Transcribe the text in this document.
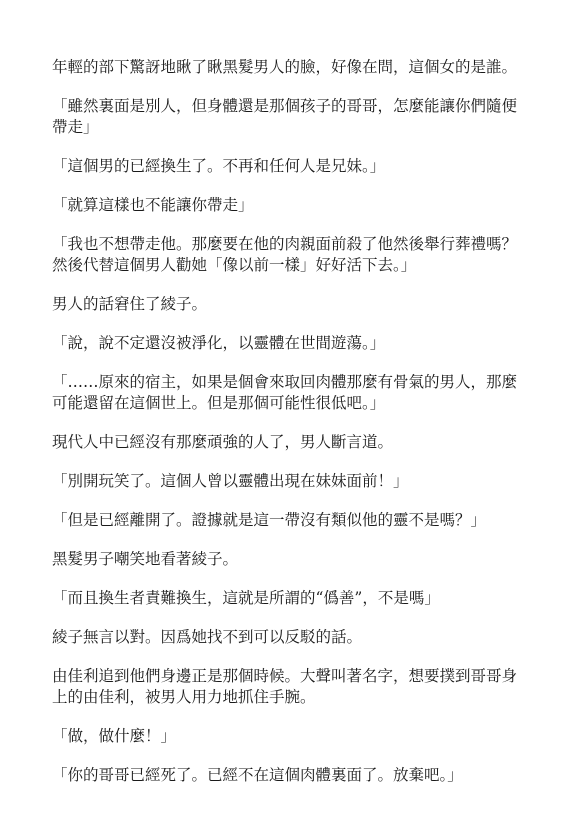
年輕的部下驚訝地瞅了瞅黑髮男人的臉，好像在問，這個女的是誰。

「雖然裏面是別人，但身體還是那個孩子的哥哥，怎麼能讓你們隨便帶走」

「這個男的已經換生了。不再和任何人是兄妹。」

「就算這樣也不能讓你帶走」

「我也不想帶走他。那麼要在他的肉親面前殺了他然後舉行葬禮嗎？然後代替這個男人勸她「像以前一樣」好好活下去。」

男人的話窘住了綾子。

「說，說不定還沒被淨化，以靈體在世間遊蕩。」

「……原來的宿主，如果是個會來取回肉體那麼有骨氣的男人，那麼可能還留在這個世上。但是那個可能性很低吧。」

現代人中已經沒有那麼頑強的人了，男人斷言道。

「別開玩笑了。這個人曾以靈體出現在妹妹面前！」

「但是已經離開了。證據就是這一帶沒有類似他的靈不是嗎？」

黑髮男子嘲笑地看著綾子。

「而且換生者責難換生，這就是所謂的“僞善”，不是嗎」

綾子無言以對。因爲她找不到可以反駁的話。

由佳利追到他們身邊正是那個時候。大聲叫著名字，想要撲到哥哥身上的由佳利，被男人用力地抓住手腕。

「做，做什麼！」

「你的哥哥已經死了。已經不在這個肉體裏面了。放棄吧。」
